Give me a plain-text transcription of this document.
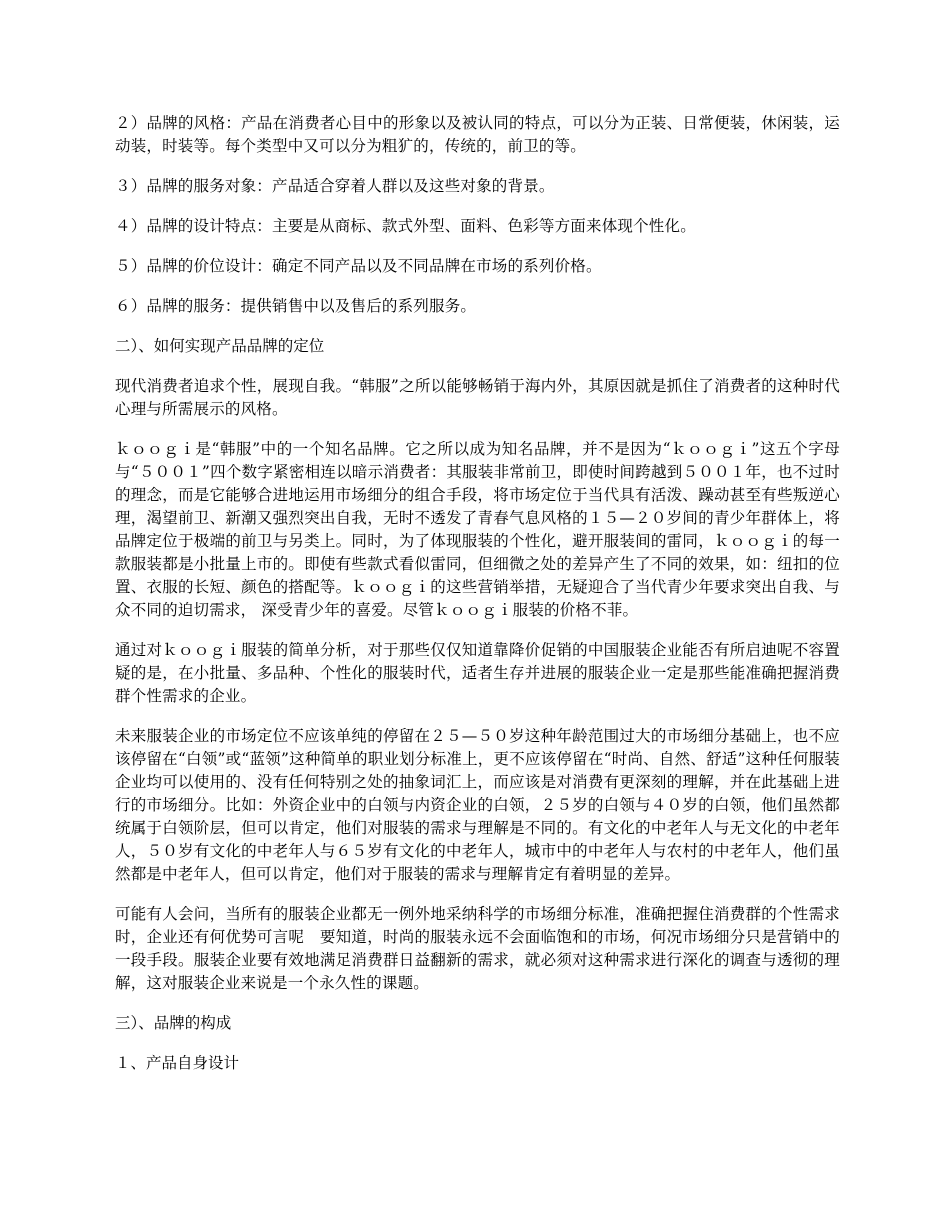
２）品牌的风格：产品在消费者心目中的形象以及被认同的特点，可以分为正装、日常便装，休闲装，运动装，时装等。每个类型中又可以分为粗犷的，传统的，前卫的等。

３）品牌的服务对象：产品适合穿着人群以及这些对象的背景。

４）品牌的设计特点：主要是从商标、款式外型、面料、色彩等方面来体现个性化。

５）品牌的价位设计：确定不同产品以及不同品牌在市场的系列价格。

６）品牌的服务：提供销售中以及售后的系列服务。

二）、如何实现产品品牌的定位

现代消费者追求个性，展现自我。“韩服”之所以能够畅销于海内外，其原因就是抓住了消费者的这种时代心理与所需展示的风格。

ｋｏｏｇｉ是“韩服”中的一个知名品牌。它之所以成为知名品牌，并不是因为“ｋｏｏｇｉ”这五个字母与“５００１”四个数字紧密相连以暗示消费者：其服装非常前卫，即使时间跨越到５００１年，也不过时的理念，而是它能够合进地运用市场细分的组合手段，将市场定位于当代具有活泼、躁动甚至有些叛逆心理，渴望前卫、新潮又强烈突出自我，无时不透发了青春气息风格的１５—２０岁间的青少年群体上，将品牌定位于极端的前卫与另类上。同时，为了体现服装的个性化，避开服装间的雷同，ｋｏｏｇｉ的每一款服装都是小批量上市的。即使有些款式看似雷同，但细微之处的差异产生了不同的效果，如：纽扣的位置、衣服的长短、颜色的搭配等。ｋｏｏｇｉ的这些营销举措，无疑迎合了当代青少年要求突出自我、与众不同的迫切需求， 深受青少年的喜爱。尽管ｋｏｏｇｉ服装的价格不菲。

通过对ｋｏｏｇｉ服装的简单分析，对于那些仅仅知道靠降价促销的中国服装企业能否有所启迪呢不容置疑的是，在小批量、多品种、个性化的服装时代，适者生存并进展的服装企业一定是那些能准确把握消费群个性需求的企业。

未来服装企业的市场定位不应该单纯的停留在２５—５０岁这种年龄范围过大的市场细分基础上，也不应该停留在“白领”或“蓝领”这种简单的职业划分标准上，更不应该停留在“时尚、自然、舒适”这种任何服装企业均可以使用的、没有任何特别之处的抽象词汇上，而应该是对消费有更深刻的理解，并在此基础上进行的市场细分。比如：外资企业中的白领与内资企业的白领，２５岁的白领与４０岁的白领，他们虽然都统属于白领阶层，但可以肯定，他们对服装的需求与理解是不同的。有文化的中老年人与无文化的中老年人，５０岁有文化的中老年人与６５岁有文化的中老年人，城市中的中老年人与农村的中老年人，他们虽然都是中老年人，但可以肯定，他们对于服装的需求与理解肯定有着明显的差异。

可能有人会问，当所有的服装企业都无一例外地采纳科学的市场细分标准，准确把握住消费群的个性需求时，企业还有何优势可言呢　要知道，时尚的服装永远不会面临饱和的市场，何况市场细分只是营销中的一段手段。服装企业要有效地满足消费群日益翻新的需求，就必须对这种需求进行深化的调查与透彻的理解，这对服装企业来说是一个永久性的课题。

三）、品牌的构成

１、产品自身设计
